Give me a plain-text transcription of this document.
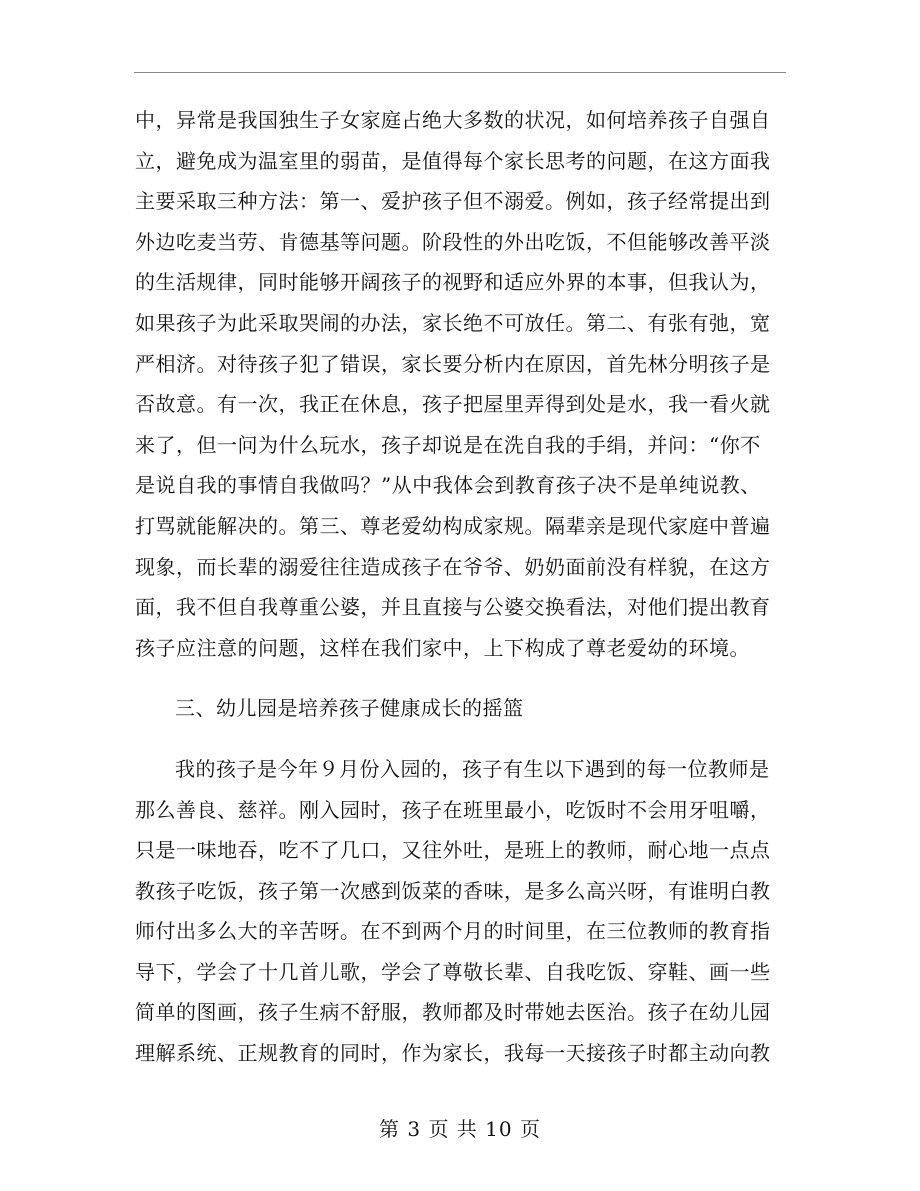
中，异常是我国独生子女家庭占绝大多数的状况，如何培养孩子自强自
立，避免成为温室里的弱苗，是值得每个家长思考的问题，在这方面我
主要采取三种方法：第一、爱护孩子但不溺爱。例如，孩子经常提出到
外边吃麦当劳、肯德基等问题。阶段性的外出吃饭，不但能够改善平淡
的生活规律，同时能够开阔孩子的视野和适应外界的本事，但我认为，
如果孩子为此采取哭闹的办法，家长绝不可放任。第二、有张有弛，宽
严相济。对待孩子犯了错误，家长要分析内在原因，首先林分明孩子是
否故意。有一次，我正在休息，孩子把屋里弄得到处是水，我一看火就
来了，但一问为什么玩水，孩子却说是在洗自我的手绢，并问：“你不
是说自我的事情自我做吗？”从中我体会到教育孩子决不是单纯说教、
打骂就能解决的。第三、尊老爱幼构成家规。隔辈亲是现代家庭中普遍
现象，而长辈的溺爱往往造成孩子在爷爷、奶奶面前没有样貌，在这方
面，我不但自我尊重公婆，并且直接与公婆交换看法，对他们提出教育
孩子应注意的问题，这样在我们家中，上下构成了尊老爱幼的环境。
三、幼儿园是培养孩子健康成长的摇篮
我的孩子是今年９月份入园的，孩子有生以下遇到的每一位教师是
那么善良、慈祥。刚入园时，孩子在班里最小，吃饭时不会用牙咀嚼，
只是一味地吞，吃不了几口，又往外吐，是班上的教师，耐心地一点点
教孩子吃饭，孩子第一次感到饭菜的香味，是多么高兴呀，有谁明白教
师付出多么大的辛苦呀。在不到两个月的时间里，在三位教师的教育指
导下，学会了十几首儿歌，学会了尊敬长辈、自我吃饭、穿鞋、画一些
简单的图画，孩子生病不舒服，教师都及时带她去医治。孩子在幼儿园
理解系统、正规教育的同时，作为家长，我每一天接孩子时都主动向教
第 3 页 共 10 页
